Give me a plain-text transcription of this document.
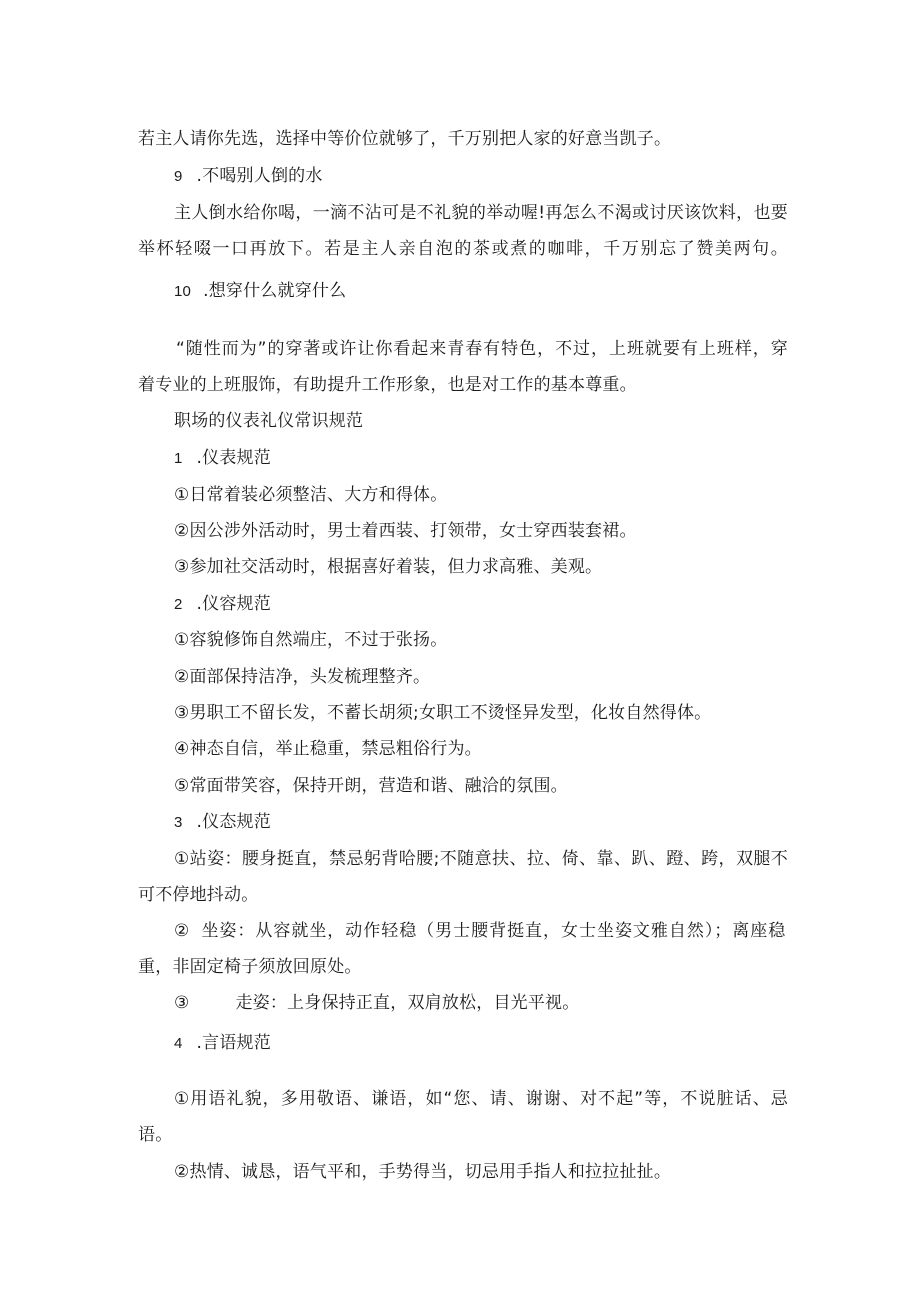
若主人请你先选，选择中等价位就够了，千万别把人家的好意当凯子。
9 .不喝别人倒的水
主人倒水给你喝，一滴不沾可是不礼貌的举动喔!再怎么不渴或讨厌该饮料，也要
举杯轻啜一口再放下。若是主人亲自泡的茶或煮的咖啡，千万别忘了赞美两句。
10 .想穿什么就穿什么
“随性而为”的穿著或许让你看起来青春有特色，不过，上班就要有上班样，穿
着专业的上班服饰，有助提升工作形象，也是对工作的基本尊重。
职场的仪表礼仪常识规范
1 .仪表规范
①日常着装必须整洁、大方和得体。
②因公涉外活动时，男士着西装、打领带，女士穿西装套裙。
③参加社交活动时，根据喜好着装，但力求高雅、美观。
2 .仪容规范
①容貌修饰自然端庄，不过于张扬。
②面部保持洁净，头发梳理整齐。
③男职工不留长发，不蓄长胡须;女职工不烫怪异发型，化妆自然得体。
④神态自信，举止稳重，禁忌粗俗行为。
⑤常面带笑容，保持开朗，营造和谐、融洽的氛围。
3 .仪态规范
①站姿：腰身挺直，禁忌躬背哈腰;不随意扶、拉、倚、靠、趴、蹬、跨，双腿不
可不停地抖动。
② 坐姿：从容就坐，动作轻稳（男士腰背挺直，女士坐姿文雅自然）；离座稳
重，非固定椅子须放回原处。
③	走姿：上身保持正直，双肩放松，目光平视。
4 .言语规范
①用语礼貌，多用敬语、谦语，如“您、请、谢谢、对不起”等，不说脏话、忌
语。
②热情、诚恳，语气平和，手势得当，切忌用手指人和拉拉扯扯。
